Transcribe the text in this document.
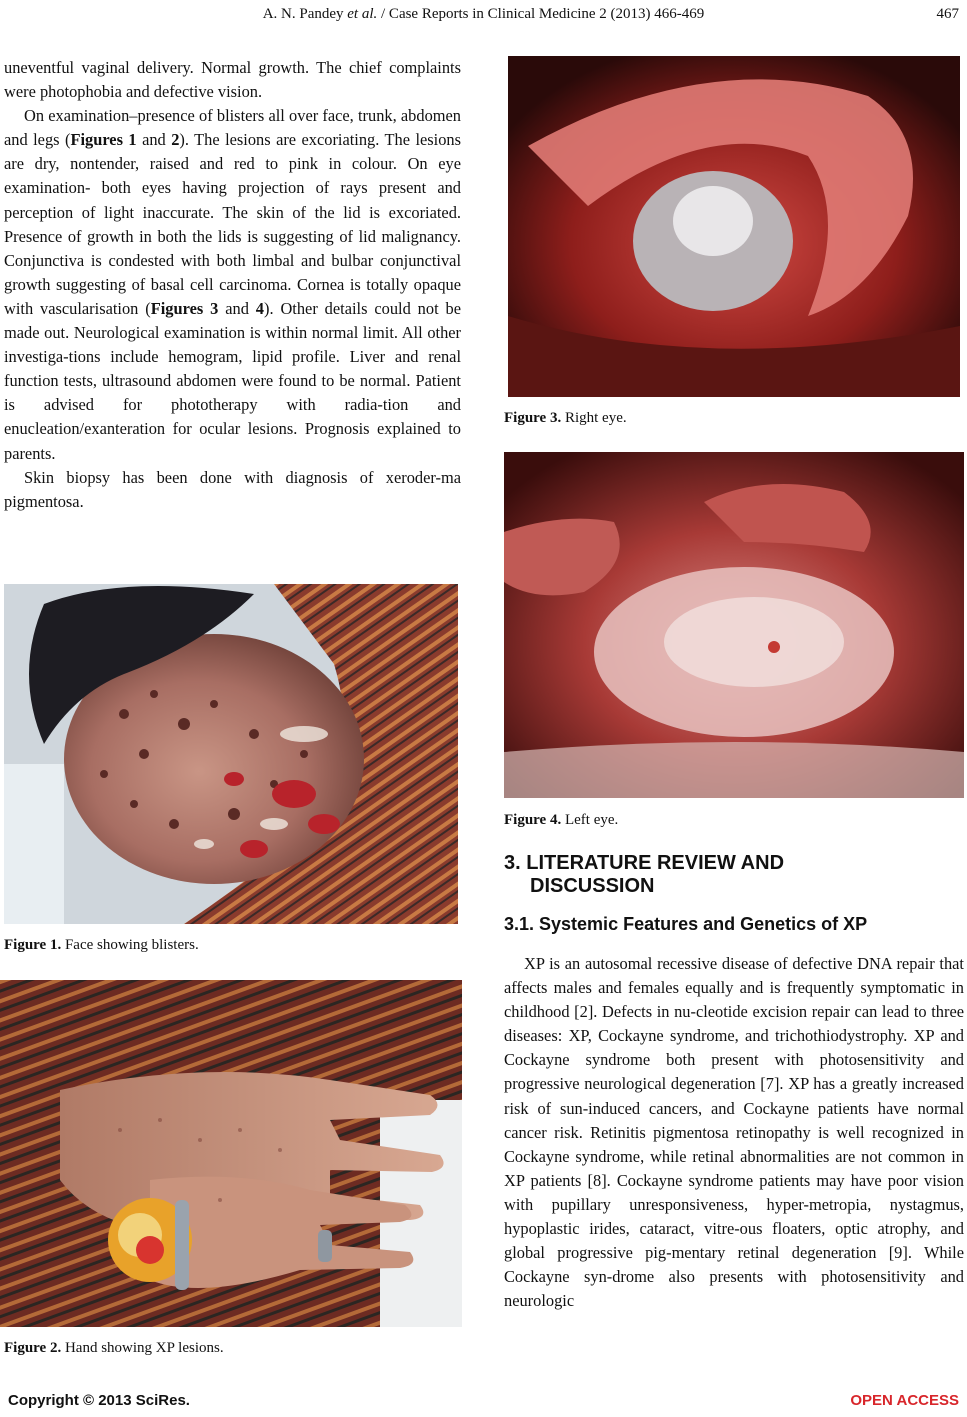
A. N. Pandey et al. / Case Reports in Clinical Medicine 2 (2013) 466-469	467

uneventful vaginal delivery. Normal growth. The chief complaints were photophobia and defective vision.

On examination–presence of blisters all over face, trunk, abdomen and legs (Figures 1 and 2). The lesions are excoriating. The lesions are dry, nontender, raised and red to pink in colour. On eye examination- both eyes having projection of rays present and perception of light inaccurate. The skin of the lid is excoriated. Presence of growth in both the lids is suggesting of lid malignancy. Conjunctiva is condested with both limbal and bulbar conjunctival growth suggesting of basal cell carcinoma. Cornea is totally opaque with vascularisation (Figures 3 and 4). Other details could not be made out. Neurological examination is within normal limit. All other investiga-tions include hemogram, lipid profile. Liver and renal function tests, ultrasound abdomen were found to be normal. Patient is advised for phototherapy with radia-tion and enucleation/exanteration for ocular lesions. Prognosis explained to parents.

Skin biopsy has been done with diagnosis of xeroder-ma pigmentosa.

Figure 1. Face showing blisters.
Figure 2. Hand showing XP lesions.
Figure 3. Right eye.
Figure 4. Left eye.
3. LITERATURE REVIEW AND
DISCUSSION
3.1. Systemic Features and Genetics of XP

XP is an autosomal recessive disease of defective DNA repair that affects males and females equally and is frequently symptomatic in childhood [2]. Defects in nu-cleotide excision repair can lead to three diseases: XP, Cockayne syndrome, and trichothiodystrophy. XP and Cockayne syndrome both present with photosensitivity and progressive neurological degeneration [7]. XP has a greatly increased risk of sun-induced cancers, and Cockayne patients have normal cancer risk. Retinitis pigmentosa retinopathy is well recognized in Cockayne syndrome, while retinal abnormalities are not common in XP patients [8]. Cockayne syndrome patients may have poor vision with pupillary unresponsiveness, hyper-metropia, nystagmus, hypoplastic irides, cataract, vitre-ous floaters, optic atrophy, and global progressive pig-mentary retinal degeneration [9]. While Cockayne syn-drome also presents with photosensitivity and neurologic

Copyright © 2013 SciRes.	OPEN ACCESS
